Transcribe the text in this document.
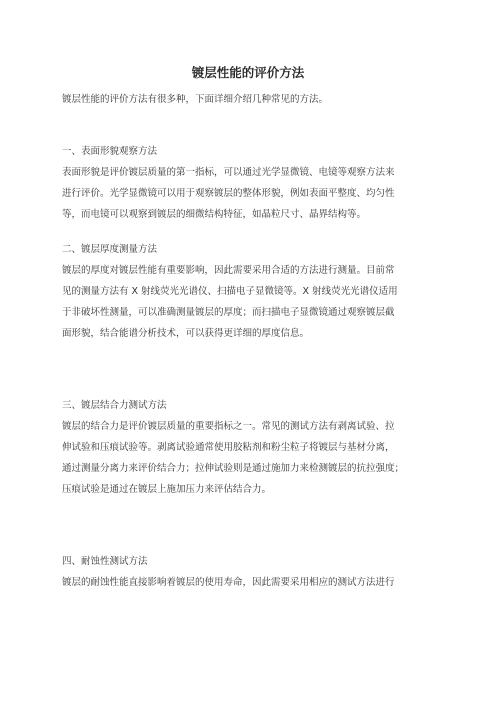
镀层性能的评价方法
镀层性能的评价方法有很多种，下面详细介绍几种常见的方法。
一、表面形貌观察方法
表面形貌是评价镀层质量的第一指标，可以通过光学显微镜、电镜等观察方法来
进行评价。光学显微镜可以用于观察镀层的整体形貌，例如表面平整度、均匀性
等，而电镜可以观察到镀层的细微结构特征，如晶粒尺寸、晶界结构等。
二、镀层厚度测量方法
镀层的厚度对镀层性能有重要影响，因此需要采用合适的方法进行测量。目前常
见的测量方法有 X 射线荧光光谱仪、扫描电子显微镜等。X 射线荧光光谱仪适用
于非破坏性测量，可以准确测量镀层的厚度；而扫描电子显微镜通过观察镀层截
面形貌，结合能谱分析技术，可以获得更详细的厚度信息。
三、镀层结合力测试方法
镀层的结合力是评价镀层质量的重要指标之一。常见的测试方法有剥离试验、拉
伸试验和压痕试验等。剥离试验通常使用胶粘剂和粉尘粒子将镀层与基材分离，
通过测量分离力来评价结合力；拉伸试验则是通过施加力来检测镀层的抗拉强度；
压痕试验是通过在镀层上施加压力来评估结合力。
四、耐蚀性测试方法
镀层的耐蚀性能直接影响着镀层的使用寿命，因此需要采用相应的测试方法进行
